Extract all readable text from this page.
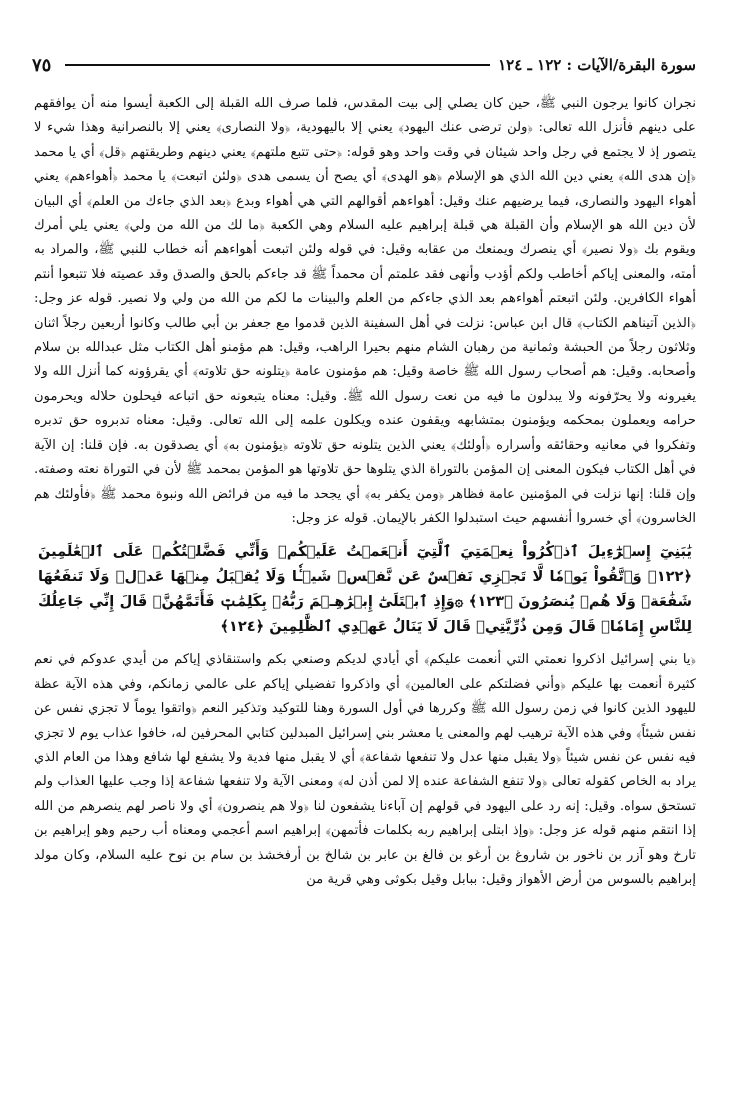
سورة البقرة/الآيات : ١٢٢ ـ ١٢٤
٧٥

نجران كانوا يرجون النبي ﷺ، حين كان يصلي إلى بيت المقدس، فلما صرف الله القبلة إلى الكعبة أيسوا منه أن يوافقهم على دينهم فأنزل الله تعالى: ﴿ولن ترضى عنك اليهود﴾ يعني إلا باليهودية، ﴿ولا النصارى﴾ يعني إلا بالنصرانية وهذا شيء لا يتصور إذ لا يجتمع في رجل واحد شيئان في وقت واحد وهو قوله: ﴿حتى تتبع ملتهم﴾ يعني دينهم وطريقتهم ﴿قل﴾ أي يا محمد ﴿إن هدى الله﴾ يعني دين الله الذي هو الإسلام ﴿هو الهدى﴾ أي يصح أن يسمى هدى ﴿ولئن اتبعت﴾ يا محمد ﴿أهواءهم﴾ يعني أهواء اليهود والنصارى، فيما يرضيهم عنك وقيل: أهواءهم أقوالهم التي هي أهواء وبدع ﴿بعد الذي جاءك من العلم﴾ أي البيان لأن دين الله هو الإسلام وأن القبلة هي قبلة إبراهيم عليه السلام وهي الكعبة ﴿ما لك من الله من ولي﴾ يعني يلي أمرك ويقوم بك ﴿ولا نصير﴾ أي ينصرك ويمنعك من عقابه وقيل: في قوله ولئن اتبعت أهواءهم أنه خطاب للنبي ﷺ، والمراد به أمته، والمعنى إياكم أخاطب ولكم أؤدب وأنهى فقد علمتم أن محمداً ﷺ قد جاءكم بالحق والصدق وقد عصيته فلا تتبعوا أنتم أهواء الكافرين. ولئن اتبعتم أهواءهم بعد الذي جاءكم من العلم والبينات ما لكم من الله من ولي ولا نصير. قوله عز وجل: ﴿الذين آتيناهم الكتاب﴾ قال ابن عباس: نزلت في أهل السفينة الذين قدموا مع جعفر بن أبي طالب وكانوا أربعين رجلاً اثنان وثلاثون رجلاً من الحبشة وثمانية من رهبان الشام منهم بحيرا الراهب، وقيل: هم مؤمنو أهل الكتاب مثل عبدالله بن سلام وأصحابه. وقيل: هم أصحاب رسول الله ﷺ خاصة وقيل: هم مؤمنون عامة ﴿يتلونه حق تلاوته﴾ أي يقرؤونه كما أنزل الله ولا يغيرونه ولا يحرّفونه ولا يبدلون ما فيه من نعت رسول الله ﷺ. وقيل: معناه يتبعونه حق اتباعه فيحلون حلاله ويحرمون حرامه ويعملون بمحكمه ويؤمنون بمتشابهه ويقفون عنده ويكلون علمه إلى الله تعالى. وقيل: معناه تدبروه حق تدبره وتفكروا في معانيه وحقائقه وأسراره ﴿أولئك﴾ يعني الذين يتلونه حق تلاوته ﴿يؤمنون به﴾ أي يصدقون به. فإن قلنا: إن الآية في أهل الكتاب فيكون المعنى إن المؤمن بالتوراة الذي يتلوها حق تلاوتها هو المؤمن بمحمد ﷺ لأن في التوراة نعته وصفته. وإن قلنا: إنها نزلت في المؤمنين عامة فظاهر ﴿ومن يكفر به﴾ أي يجحد ما فيه من فرائض الله ونبوة محمد ﷺ ﴿فأولئك هم الخاسرون﴾ أي خسروا أنفسهم حيث استبدلوا الكفر بالإيمان. قوله عز وجل:

يَٰبَنِيٓ إِسۡرَٰٓءِيلَ ٱذۡكُرُواْ نِعۡمَتِيَ ٱلَّتِيٓ أَنۡعَمۡتُ عَلَيۡكُمۡ وَأَنِّي فَضَّلۡتُكُمۡ عَلَى ٱلۡعَٰلَمِينَ ﴿١٢٢﴾ وَٱتَّقُواْ يَوۡمٗا لَّا تَجۡزِي نَفۡسٌ عَن نَّفۡسٖ شَيۡـٔٗا وَلَا يُقۡبَلُ مِنۡهَا عَدۡلٞ وَلَا تَنفَعُهَا شَفَٰعَةٞ وَلَا هُمۡ يُنصَرُونَ ﴿١٢٣﴾ ۞وَإِذِ ٱبۡتَلَىٰٓ إِبۡرَٰهِـۧمَ رَبُّهُۥ بِكَلِمَٰتٖ فَأَتَمَّهُنَّۖ قَالَ إِنِّي جَاعِلُكَ لِلنَّاسِ إِمَامٗاۖ قَالَ وَمِن ذُرِّيَّتِيۖ قَالَ لَا يَنَالُ عَهۡدِي ٱلظَّٰلِمِينَ ﴿١٢٤﴾

﴿يا بني إسرائيل اذكروا نعمتي التي أنعمت عليكم﴾ أي أيادي لديكم وصنعي بكم واستنقاذي إياكم من أيدي عدوكم في نعم كثيرة أنعمت بها عليكم ﴿وأني فضلتكم على العالمين﴾ أي واذكروا تفضيلي إياكم على عالمي زمانكم، وفي هذه الآية عظة لليهود الذين كانوا في زمن رسول الله ﷺ وكررها في أول السورة وهنا للتوكيد وتذكير النعم ﴿واتقوا يوماً لا تجزي نفس عن نفس شيئاً﴾ وفي هذه الآية ترهيب لهم والمعنى يا معشر بني إسرائيل المبدلين كتابي المحرفين له، خافوا عذاب يوم لا تجزي فيه نفس عن نفس شيئاً ﴿ولا يقبل منها عدل ولا تنفعها شفاعة﴾ أي لا يقبل منها فدية ولا يشفع لها شافع وهذا من العام الذي يراد به الخاص كقوله تعالى ﴿ولا تنفع الشفاعة عنده إلا لمن أذن له﴾ ومعنى الآية ولا تنفعها شفاعة إذا وجب عليها العذاب ولم تستحق سواه. وقيل: إنه رد على اليهود في قولهم إن آباءنا يشفعون لنا ﴿ولا هم ينصرون﴾ أي ولا ناصر لهم ينصرهم من الله إذا انتقم منهم قوله عز وجل: ﴿وإذ ابتلى إبراهيم ربه بكلمات فأتمهن﴾ إبراهيم اسم أعجمي ومعناه أب رحيم وهو إبراهيم بن تارخ وهو آزر بن ناخور بن شاروغ بن أرغو بن فالغ بن عابر بن شالخ بن أرفخشذ بن سام بن نوح عليه السلام، وكان مولد إبراهيم بالسوس من أرض الأهواز وقيل: ببابل وقيل بكوثى وهي قرية من
